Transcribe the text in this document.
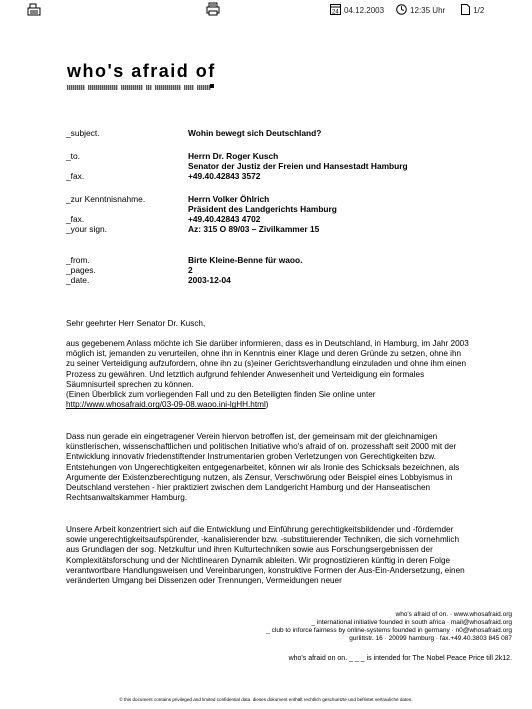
24 04.12.2003	12:35 Uhr	1/2
who's afraid of
_subject.	Wohin bewegt sich Deutschland?
_to.	Herrn Dr. Roger Kusch
Senator der Justiz der Freien und Hansestadt Hamburg
_fax.	+49.40.42843 3572
_zur Kenntnisnahme.	Herrn Volker Öhlrich
Präsident des Landgerichts Hamburg
_fax.	+49.40.42843 4702
_your sign.	Az: 315 O 89/03 – Zivilkammer 15
_from.	Birte Kleine-Benne für waoo.
_pages.	2
_date.	2003-12-04
Sehr geehrter Herr Senator Dr. Kusch,

aus gegebenem Anlass möchte ich Sie darüber informieren, dass es in Deutschland, in Hamburg, im Jahr 2003 möglich ist, jemanden zu verurteilen, ohne ihn in Kenntnis einer Klage und deren Gründe zu setzen, ohne ihn zu seiner Verteidigung aufzufordern, ohne ihn zu (s)einer Gerichtsverhandlung einzuladen und ohne ihm einen Prozess zu gewähren. Und letztlich aufgrund fehlender Anwesenheit und Verteidigung ein formales Säumnisurteil sprechen zu können.

(Einen Überblick zum vorliegenden Fall und zu den Beteiligten finden Sie online unter
http://www.whosafraid.org/03-09-08.waoo.ini-lgHH.html)

Dass nun gerade ein eingetragener Verein hiervon betroffen ist, der gemeinsam mit der gleichnamigen künstlerischen, wissenschaftlichen und politischen Initiative who's afraid of on. prozesshaft seit 2000 mit der Entwicklung innovativ friedenstiftender Instrumentarien groben Verletzungen von Gerechtigkeiten bzw. Entstehungen von Ungerechtigkeiten entgegenarbeitet, können wir als Ironie des Schicksals bezeichnen, als Argumente der Existenzberechtigung nutzen, als Zensur, Verschwörung oder Beispiel eines Lobbyismus in Deutschland verstehen - hier praktiziert zwischen dem Landgericht Hamburg und der Hanseatischen Rechtsanwaltskammer Hamburg.
Unsere Arbeit konzentriert sich auf die Entwicklung und Einführung gerechtigkeitsbildender und -fördernder sowie ungerechtigkeitsaufspürender, -kanalisierender bzw. -substituierender Techniken, die sich vornehmlich aus Grundlagen der sog. Netzkultur und ihren Kulturtechniken sowie aus Forschungsergebnissen der Komplexitätsforschung und der Nichtlinearen Dynamik ableiten. Wir prognostizieren künftig in deren Folge verantwortbare Handlungsweisen und Vereinbarungen, konstruktive Formen der Aus-Ein-Andersetzung, einen veränderten Umgang bei Dissenzen oder Trennungen, Vermeidungen neuer
who's afraid of on. · www.whosafraid.org
_ international initiative founded in south africa · mail@whosafraid.org
_ club to inforce fairness by online-systems founded in germany · n0@whosafraid.org
gurlittstr. 16 · 20099 hamburg · fax.+49.40.3803 845 087
who's afraid on on. _ _ _ is intended for The Nobel Peace Price till 2k12.
© this document contains privileged and limited confidential data. dieses dokument enthält rechtlich geschuetzte und befristet vertrauliche daten.
